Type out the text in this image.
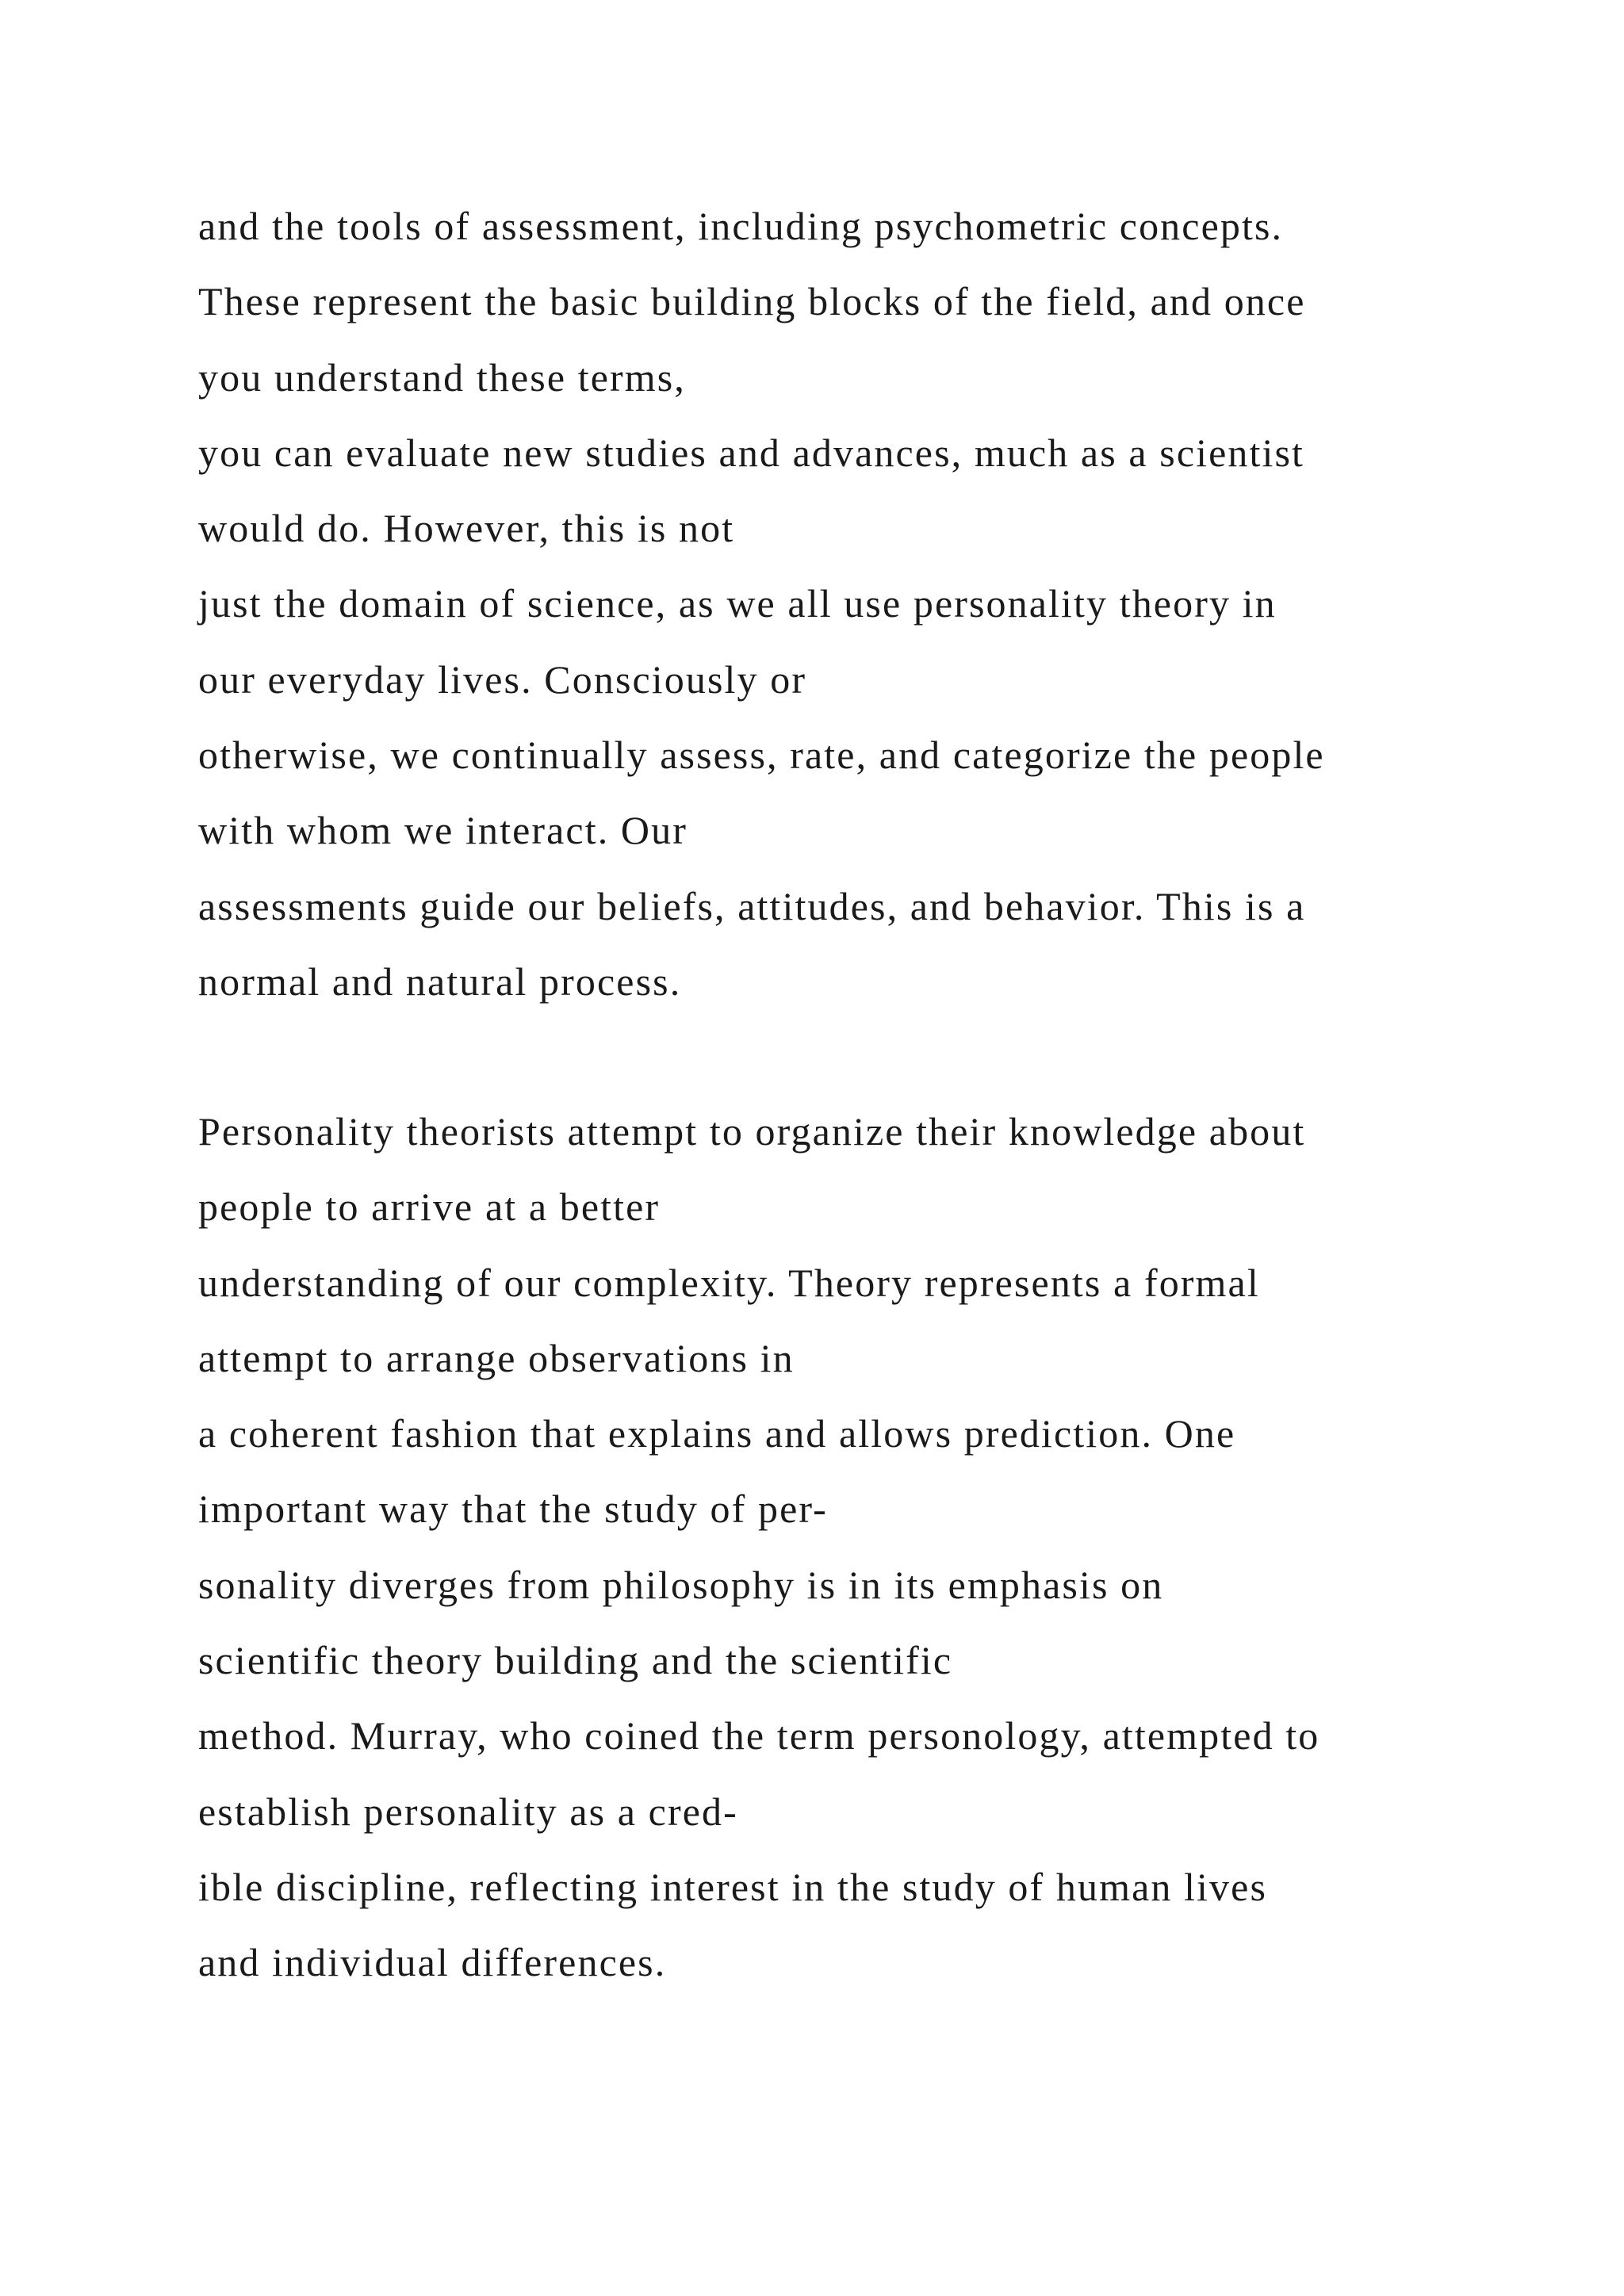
and the tools of assessment, including psychometric concepts.
These represent the basic building blocks of the field, and once
you understand these terms,
you can evaluate new studies and advances, much as a scientist
would do. However, this is not
just the domain of science, as we all use personality theory in
our everyday lives. Consciously or
otherwise, we continually assess, rate, and categorize the people
with whom we interact. Our
assessments guide our beliefs, attitudes, and behavior. This is a
normal and natural process.
Personality theorists attempt to organize their knowledge about
people to arrive at a better
understanding of our complexity. Theory represents a formal
attempt to arrange observations in
a coherent fashion that explains and allows prediction. One
important way that the study of per-
sonality diverges from philosophy is in its emphasis on
scientific theory building and the scientific
method. Murray, who coined the term personology, attempted to
establish personality as a cred-
ible discipline, reflecting interest in the study of human lives
and individual differences.
